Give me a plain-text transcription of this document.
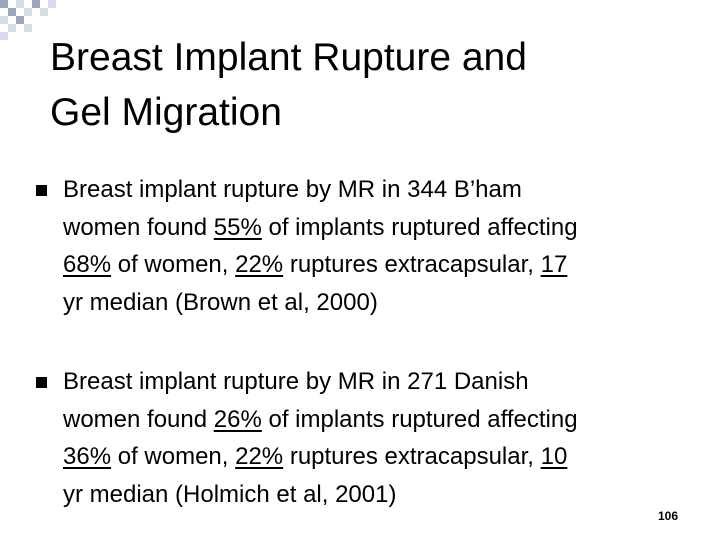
Breast Implant Rupture and
Gel Migration
Breast implant rupture by MR in 344 B’ham
women found 55% of implants ruptured affecting
68% of women, 22% ruptures extracapsular, 17
yr median (Brown et al, 2000)
Breast implant rupture by MR in 271 Danish
women found 26% of implants ruptured affecting
36% of women, 22% ruptures extracapsular, 10
yr median (Holmich et al, 2001)
106
